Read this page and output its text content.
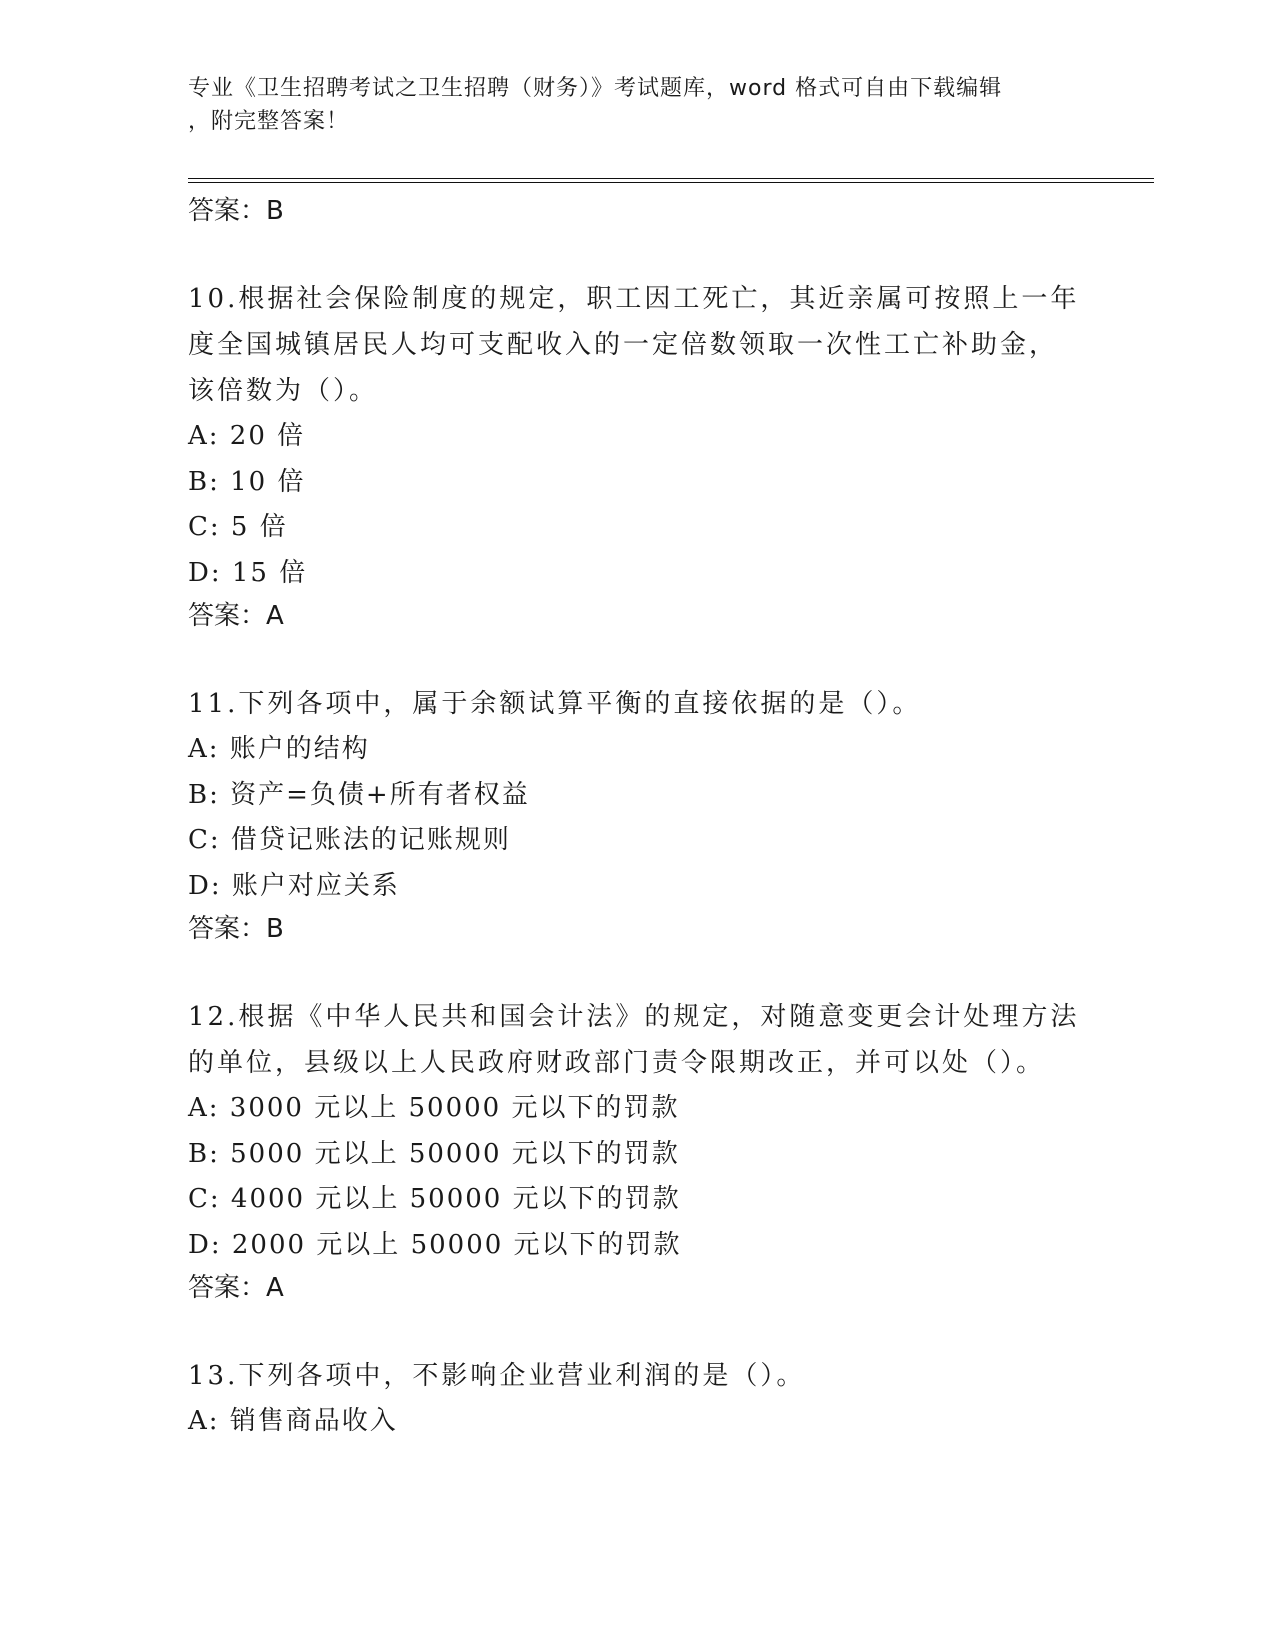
专业《卫生招聘考试之卫生招聘（财务）》考试题库，word 格式可自由下载编辑
，附完整答案！
答案：B
10.根据社会保险制度的规定，职工因工死亡，其近亲属可按照上一年
度全国城镇居民人均可支配收入的一定倍数领取一次性工亡补助金，
该倍数为（）。
A: 20 倍
B: 10 倍
C: 5 倍
D: 15 倍
答案：A
11.下列各项中，属于余额试算平衡的直接依据的是（）。
A: 账户的结构
B: 资产=负债+所有者权益
C: 借贷记账法的记账规则
D: 账户对应关系
答案：B
12.根据《中华人民共和国会计法》的规定，对随意变更会计处理方法
的单位，县级以上人民政府财政部门责令限期改正，并可以处（）。
A: 3000 元以上 50000 元以下的罚款
B: 5000 元以上 50000 元以下的罚款
C: 4000 元以上 50000 元以下的罚款
D: 2000 元以上 50000 元以下的罚款
答案：A
13.下列各项中，不影响企业营业利润的是（）。
A: 销售商品收入
